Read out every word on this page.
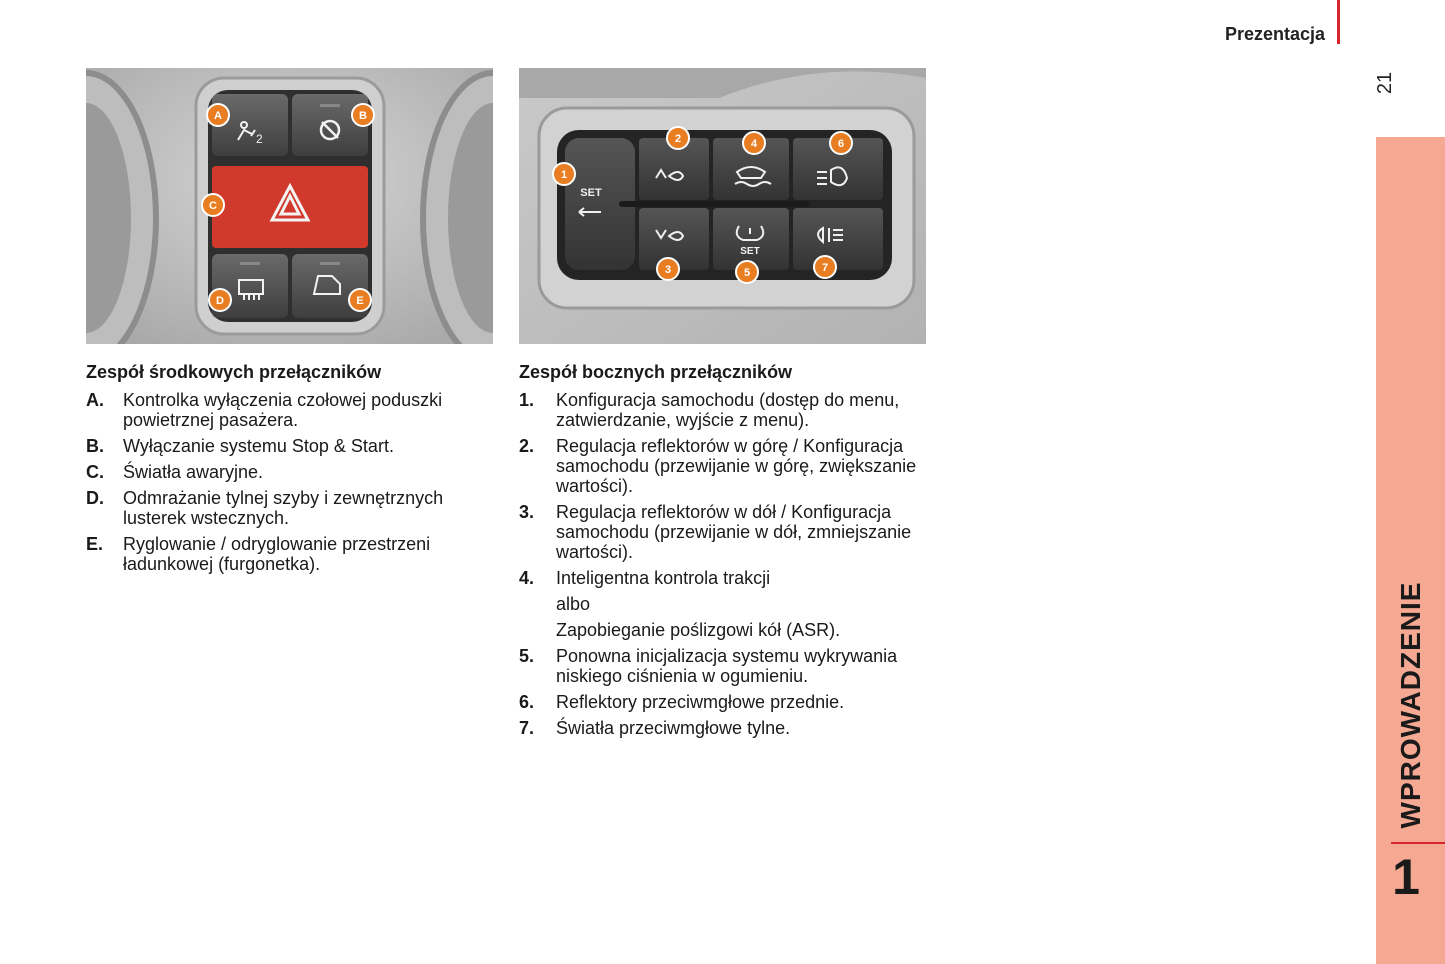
Prezentacja
21
WPROWADZENIE
1
2
A	B
C
D	E
SET
SET
1
2
3
4
5
6
7
Zespół środkowych przełączników
A. Kontrolka wyłączenia czołowej poduszki powietrznej pasażera.
B. Wyłączanie systemu Stop & Start.
C. Światła awaryjne.
D. Odmrażanie tylnej szyby i zewnętrznych lusterek wstecznych.
E. Ryglowanie / odryglowanie przestrzeni ładunkowej (furgonetka).
Zespół bocznych przełączników
1. Konfiguracja samochodu (dostęp do menu, zatwierdzanie, wyjście z menu).
2. Regulacja reflektorów w górę / Konfiguracja samochodu (przewijanie w górę, zwiększanie wartości).
3. Regulacja reflektorów w dół / Konfiguracja samochodu (przewijanie w dół, zmniejszanie wartości).
4. Inteligentna kontrola trakcji
albo
Zapobieganie poślizgowi kół (ASR).
5. Ponowna inicjalizacja systemu wykrywania niskiego ciśnienia w ogumieniu.
6. Reflektory przeciwmgłowe przednie.
7. Światła przeciwmgłowe tylne.
